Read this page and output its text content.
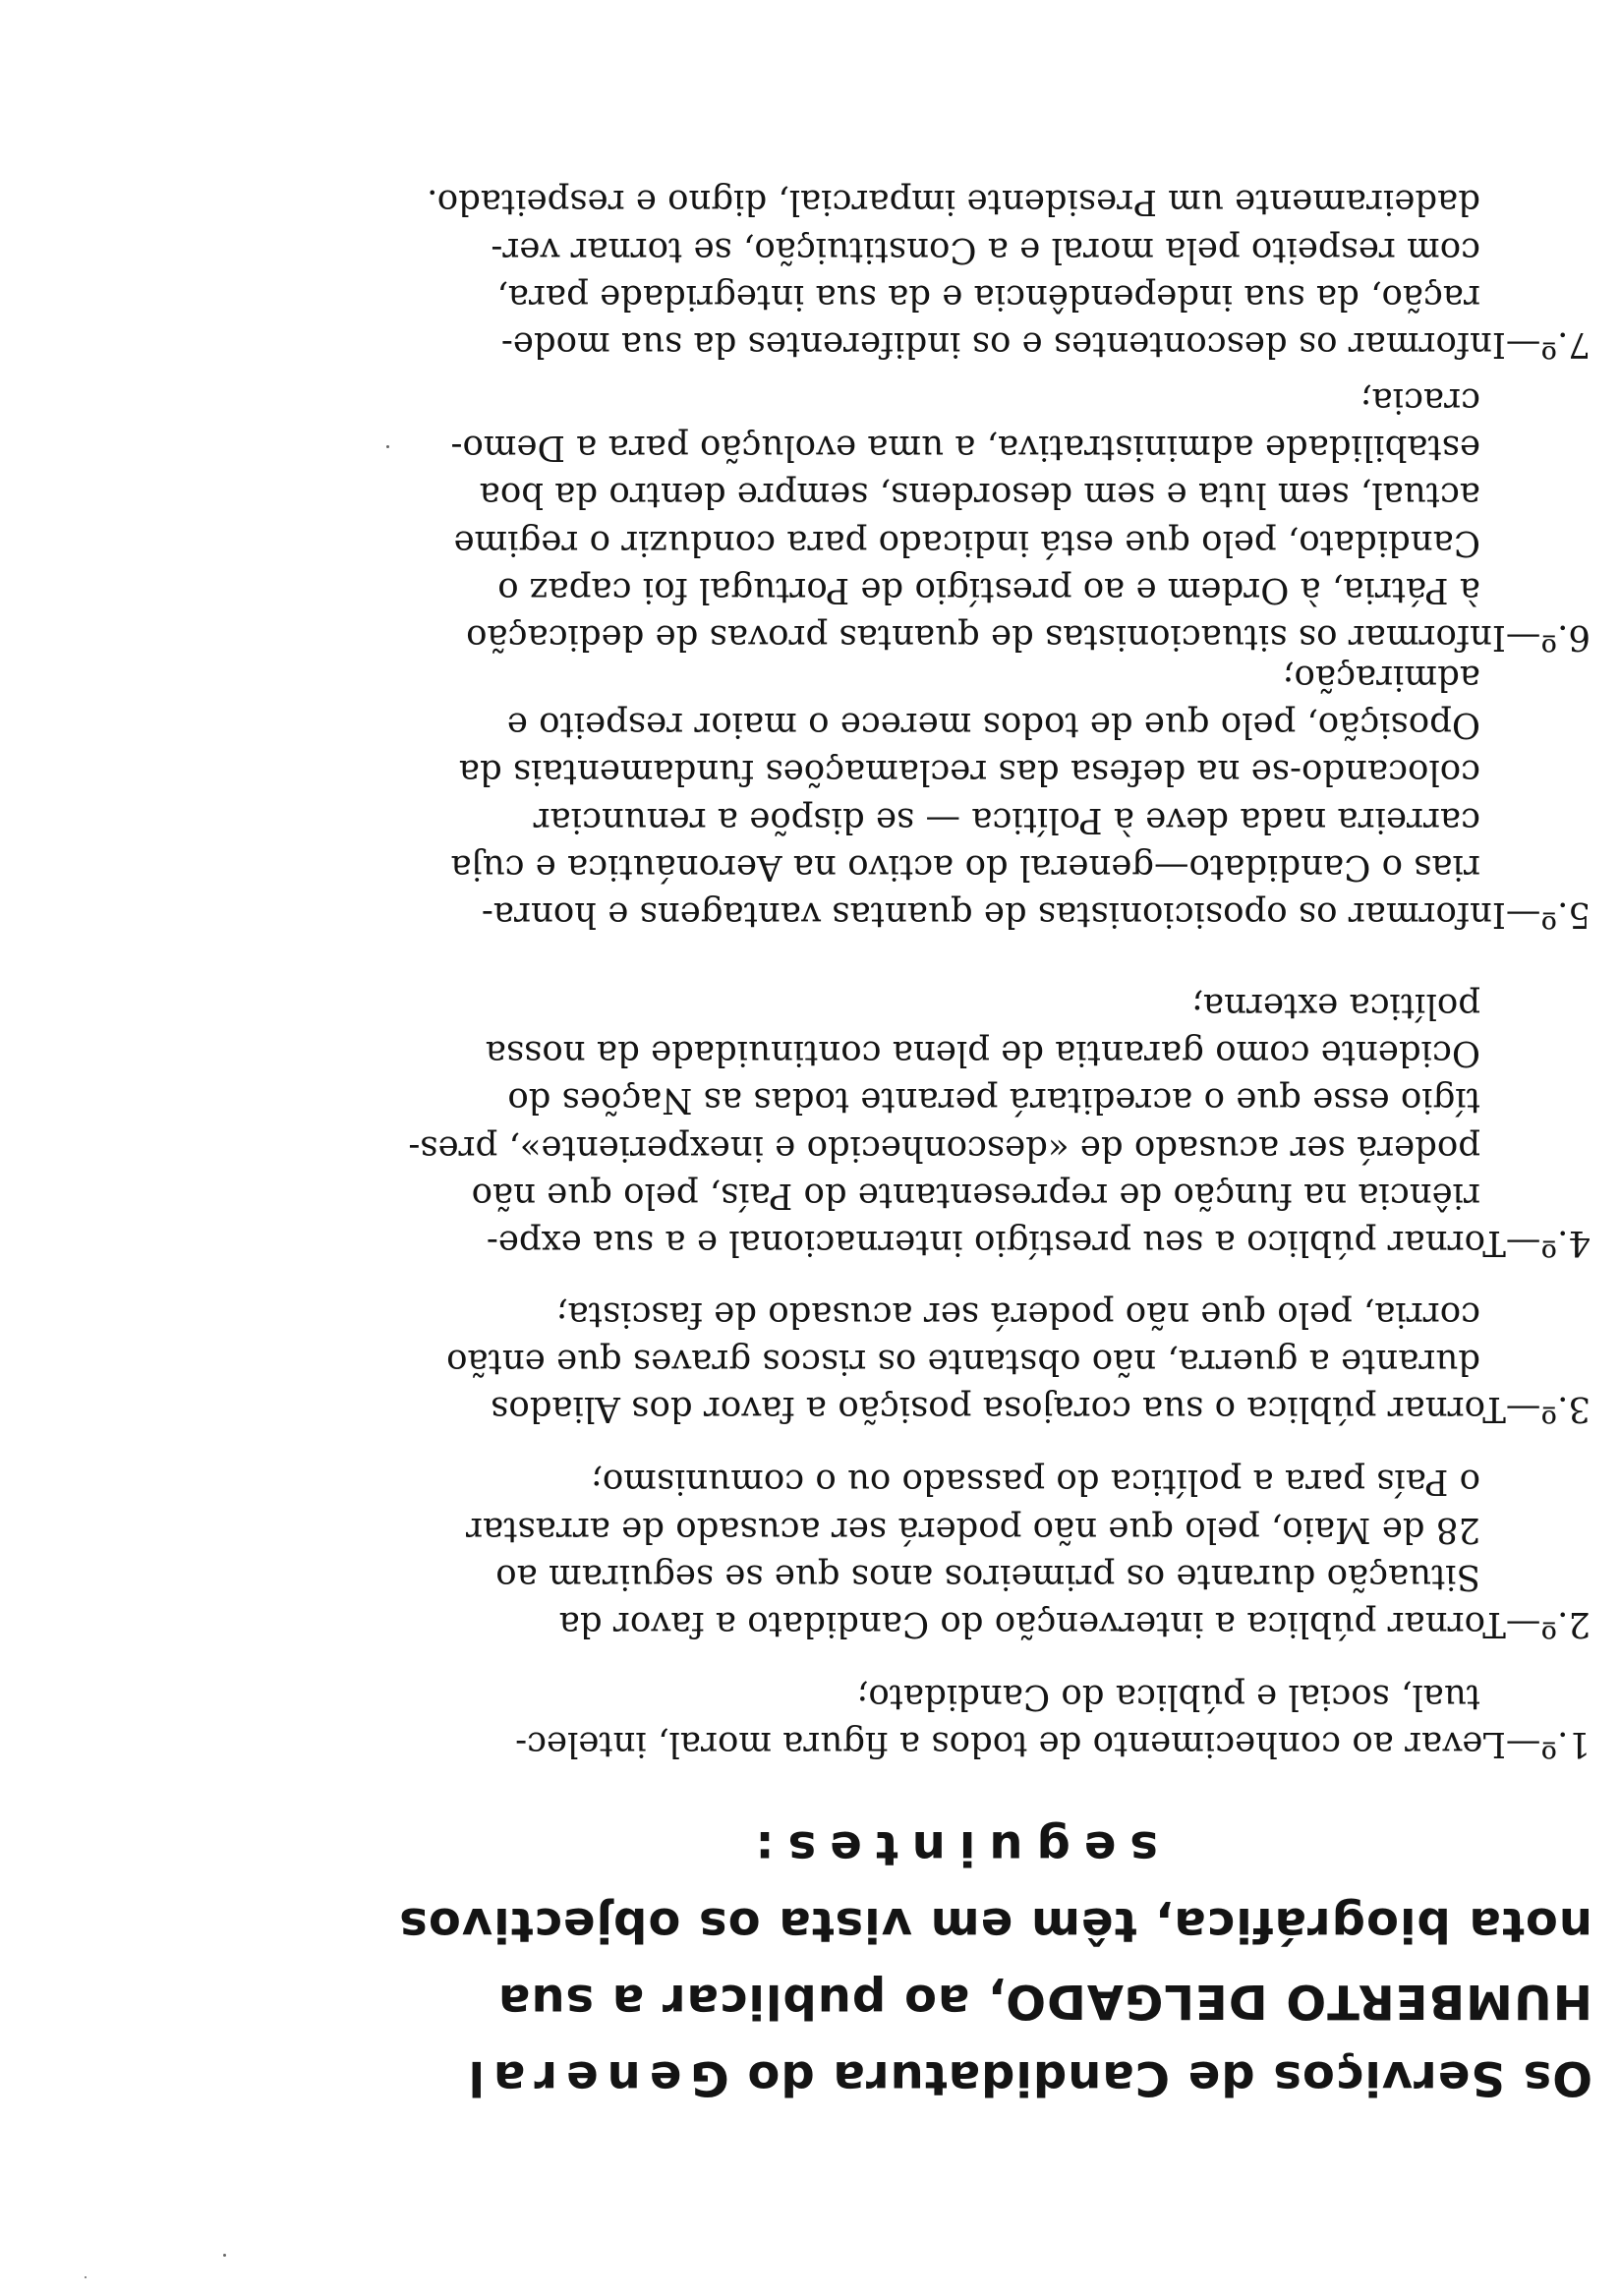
Os Serviços de Candidatura do General

HUMBERTO DELGADO, ao publicar a sua

nota biográfica, têm em vista os objectivos

seguintes:

1.º—Levar ao conhecimento de todos a figura moral, intelec-
tual, social e pública do Candidato;
2.º—Tornar pública a intervenção do Candidato a favor da
Situação durante os primeiros anos que se seguiram ao
28 de Maio, pelo que não poderá ser acusado de arrastar
o País para a política do passado ou o comunismo;
3.º—Tornar pública o sua corajosa posição a favor dos Aliados
durante a guerra, não obstante os riscos graves que então
corria, pelo que não poderá ser acusado de fascista;
4.º—Tornar público a seu prestígio internacional e a sua expe-
riência na função de representante do País, pelo que não
poderá ser acusado de «desconhecido e inexperiente», pres-
tígio esse que o acreditará perante todas as Nações do
Ocidente como garantia de plena continuidade da nossa
política externa;
5.º—Informar os oposicionistas de quantas vantagens e honra-
rias o Candidato—general do activo na Aeronáutica e cuja
carreira nada deve à Política — se dispõe a renunciar
colocando-se na defesa das reclamações fundamentais da
Oposição, pelo que de todos merece o maior respeito e
admiração;
6.º—Informar os situacionistas de quantas provas de dedicação
à Pátria, à Ordem e ao prestígio de Portugal foi capaz o
Candidato, pelo que está indicado para conduzir o regime
actual, sem luta e sem desordens, sempre dentro da boa
estabilidade administrativa, a uma evolução para a Demo-
cracia;
7.º—Informar os descontentes e os indiferentes da sua mode-
ração, da sua independência e da sua integridade para,
com respeito pela moral e a Constituição, se tornar ver-
dadeiramente um Presidente imparcial, digno e respeitado.
